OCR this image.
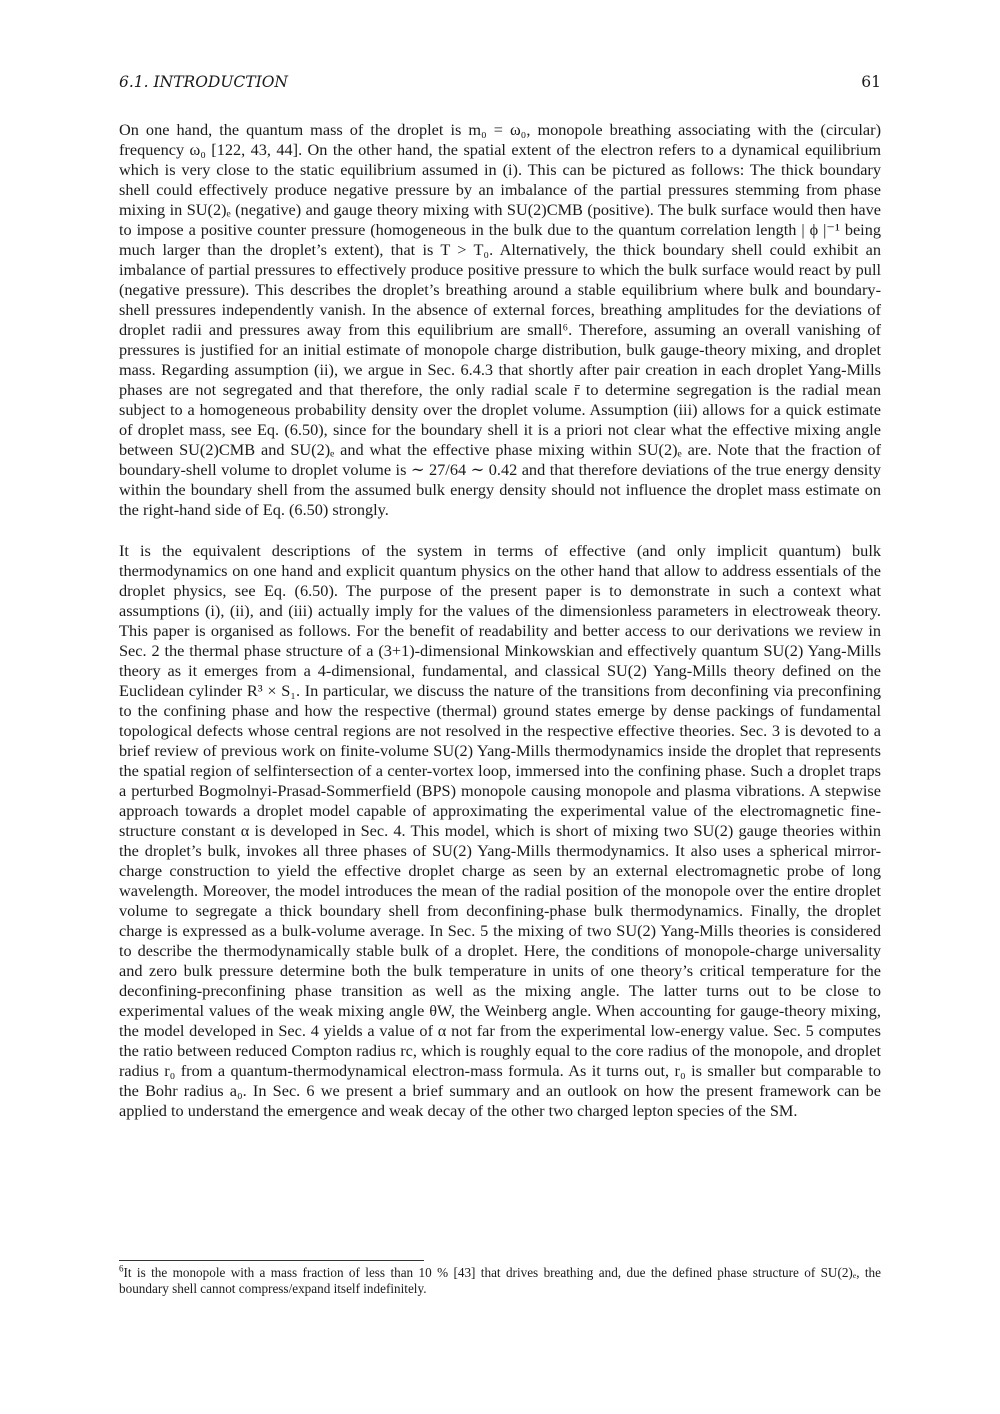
6.1. INTRODUCTION	61

On one hand, the quantum mass of the droplet is m₀ = ω₀, monopole breathing associating with the (circular) frequency ω₀ [122, 43, 44]. On the other hand, the spatial extent of the electron refers to a dynamical equilibrium which is very close to the static equilibrium assumed in (i). This can be pictured as follows: The thick boundary shell could effectively produce negative pressure by an imbalance of the partial pressures stemming from phase mixing in SU(2)ₑ (negative) and gauge theory mixing with SU(2)CMB (positive). The bulk surface would then have to impose a positive counter pressure (homogeneous in the bulk due to the quantum correlation length | ϕ |⁻¹ being much larger than the droplet’s extent), that is T > T₀. Alternatively, the thick boundary shell could exhibit an imbalance of partial pressures to effectively produce positive pressure to which the bulk surface would react by pull (negative pressure). This describes the droplet’s breathing around a stable equilibrium where bulk and boundary-shell pressures independently vanish. In the absence of external forces, breathing amplitudes for the deviations of droplet radii and pressures away from this equilibrium are small⁶. Therefore, assuming an overall vanishing of pressures is justified for an initial estimate of monopole charge distribution, bulk gauge-theory mixing, and droplet mass. Regarding assumption (ii), we argue in Sec. 6.4.3 that shortly after pair creation in each droplet Yang-Mills phases are not segregated and that therefore, the only radial scale r̄ to determine segregation is the radial mean subject to a homogeneous probability density over the droplet volume. Assumption (iii) allows for a quick estimate of droplet mass, see Eq. (6.50), since for the boundary shell it is a priori not clear what the effective mixing angle between SU(2)CMB and SU(2)ₑ and what the effective phase mixing within SU(2)ₑ are. Note that the fraction of boundary-shell volume to droplet volume is ∼ 27/64 ∼ 0.42 and that therefore deviations of the true energy density within the boundary shell from the assumed bulk energy density should not influence the droplet mass estimate on the right-hand side of Eq. (6.50) strongly.

It is the equivalent descriptions of the system in terms of effective (and only implicit quantum) bulk thermodynamics on one hand and explicit quantum physics on the other hand that allow to address essentials of the droplet physics, see Eq. (6.50). The purpose of the present paper is to demonstrate in such a context what assumptions (i), (ii), and (iii) actually imply for the values of the dimensionless parameters in electroweak theory. This paper is organised as follows. For the benefit of readability and better access to our derivations we review in Sec. 2 the thermal phase structure of a (3+1)-dimensional Minkowskian and effectively quantum SU(2) Yang-Mills theory as it emerges from a 4-dimensional, fundamental, and classical SU(2) Yang-Mills theory defined on the Euclidean cylinder R³ × S₁. In particular, we discuss the nature of the transitions from deconfining via preconfining to the confining phase and how the respective (thermal) ground states emerge by dense packings of fundamental topological defects whose central regions are not resolved in the respective effective theories. Sec. 3 is devoted to a brief review of previous work on finite-volume SU(2) Yang-Mills thermodynamics inside the droplet that represents the spatial region of selfintersection of a center-vortex loop, immersed into the confining phase. Such a droplet traps a perturbed Bogmolnyi-Prasad-Sommerfield (BPS) monopole causing monopole and plasma vibrations. A stepwise approach towards a droplet model capable of approximating the experimental value of the electromagnetic fine-structure constant α is developed in Sec. 4. This model, which is short of mixing two SU(2) gauge theories within the droplet’s bulk, invokes all three phases of SU(2) Yang-Mills thermodynamics. It also uses a spherical mirror-charge construction to yield the effective droplet charge as seen by an external electromagnetic probe of long wavelength. Moreover, the model introduces the mean of the radial position of the monopole over the entire droplet volume to segregate a thick boundary shell from deconfining-phase bulk thermodynamics. Finally, the droplet charge is expressed as a bulk-volume average. In Sec. 5 the mixing of two SU(2) Yang-Mills theories is considered to describe the thermodynamically stable bulk of a droplet. Here, the conditions of monopole-charge universality and zero bulk pressure determine both the bulk temperature in units of one theory’s critical temperature for the deconfining-preconfining phase transition as well as the mixing angle. The latter turns out to be close to experimental values of the weak mixing angle θW, the Weinberg angle. When accounting for gauge-theory mixing, the model developed in Sec. 4 yields a value of α not far from the experimental low-energy value. Sec. 5 computes the ratio between reduced Compton radius rc, which is roughly equal to the core radius of the monopole, and droplet radius r₀ from a quantum-thermodynamical electron-mass formula. As it turns out, r₀ is smaller but comparable to the Bohr radius a₀. In Sec. 6 we present a brief summary and an outlook on how the present framework can be applied to understand the emergence and weak decay of the other two charged lepton species of the SM.

$^6$It is the monopole with a mass fraction of less than 10 % [43] that drives breathing and, due the defined phase structure of SU(2)ₑ, the boundary shell cannot compress/expand itself indefinitely.
